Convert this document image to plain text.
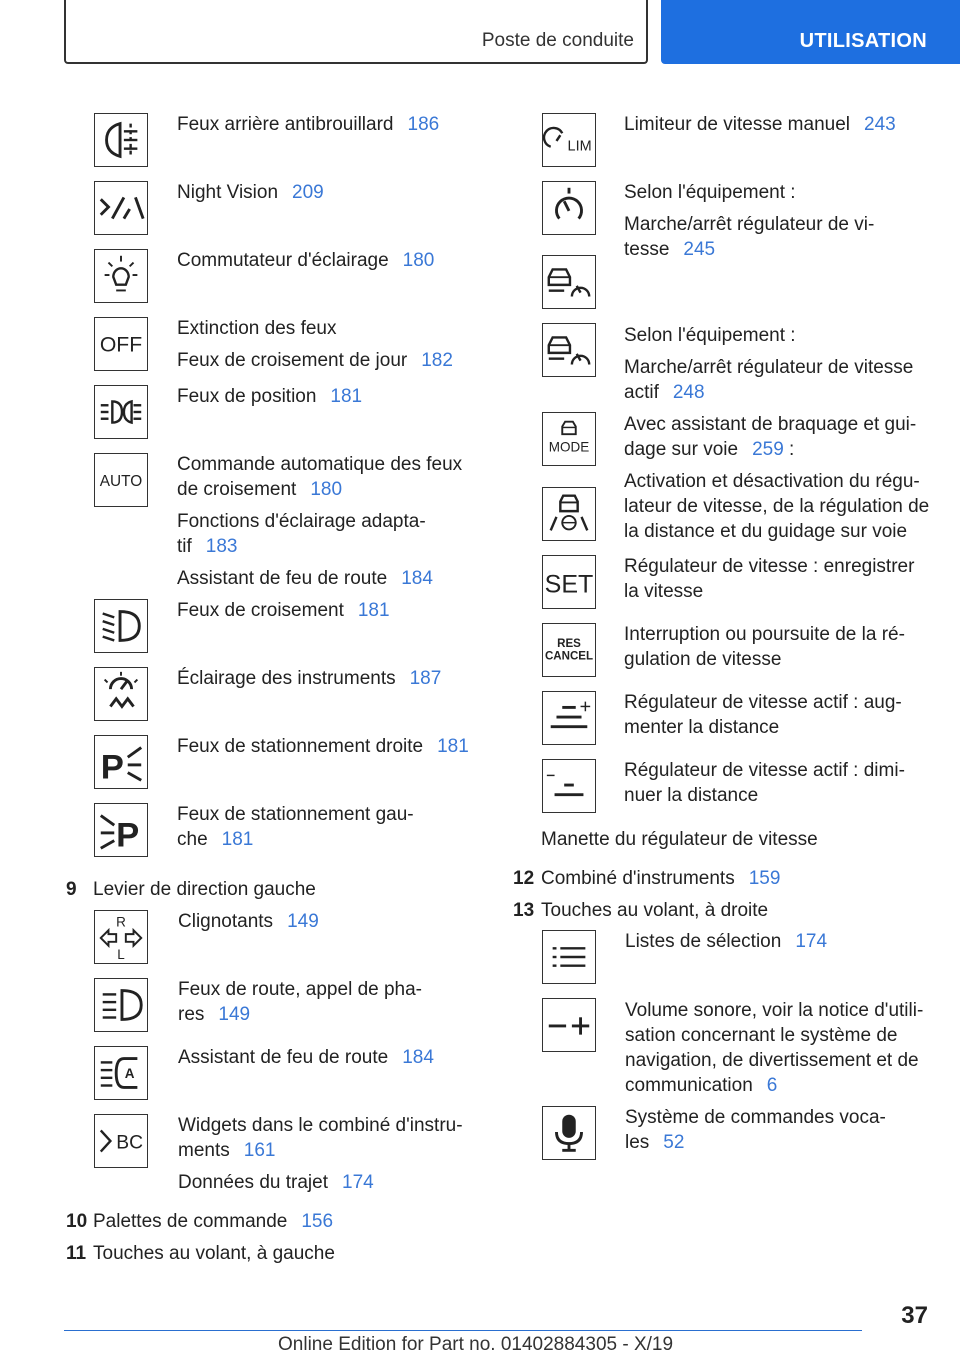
Poste de conduite	UTILISATION
OFF
AUTO
P
P
R
L
A
BC
Feux arrière antibrouillard 186
Night Vision 209
Commutateur d'éclairage 180
Extinction des feux
Feux de croisement de jour 182
Feux de position 181
Commande automatique des feux
de croisement 180
Fonctions d'éclairage adapta-
tif 183
Assistant de feu de route 184
Feux de croisement 181
Éclairage des instruments 187
Feux de stationnement droite 181
Feux de stationnement gau-
che 181
9 Levier de direction gauche
Clignotants 149
Feux de route, appel de pha-
res 149
Assistant de feu de route 184
Widgets dans le combiné d'instru-
ments 161
Données du trajet 174
10 Palettes de commande 156
11 Touches au volant, à gauche
LIM
MODE
SET
RES
CANCEL
Limiteur de vitesse manuel 243
Selon l'équipement :
Marche/arrêt régulateur de vi-
tesse 245
Selon l'équipement :
Marche/arrêt régulateur de vitesse
actif 248
Avec assistant de braquage et gui-
dage sur voie 259 :
Activation et désactivation du régu-
lateur de vitesse, de la régulation de
la distance et du guidage sur voie
Régulateur de vitesse : enregistrer
la vitesse
Interruption ou poursuite de la ré-
gulation de vitesse
Régulateur de vitesse actif : aug-
menter la distance
Régulateur de vitesse actif : dimi-
nuer la distance
Manette du régulateur de vitesse
12 Combiné d'instruments 159
13 Touches au volant, à droite
Listes de sélection 174
Volume sonore, voir la notice d'utili-
sation concernant le système de
navigation, de divertissement et de
communication 6
Système de commandes voca-
les 52
37
Online Edition for Part no. 01402884305 - X/19
